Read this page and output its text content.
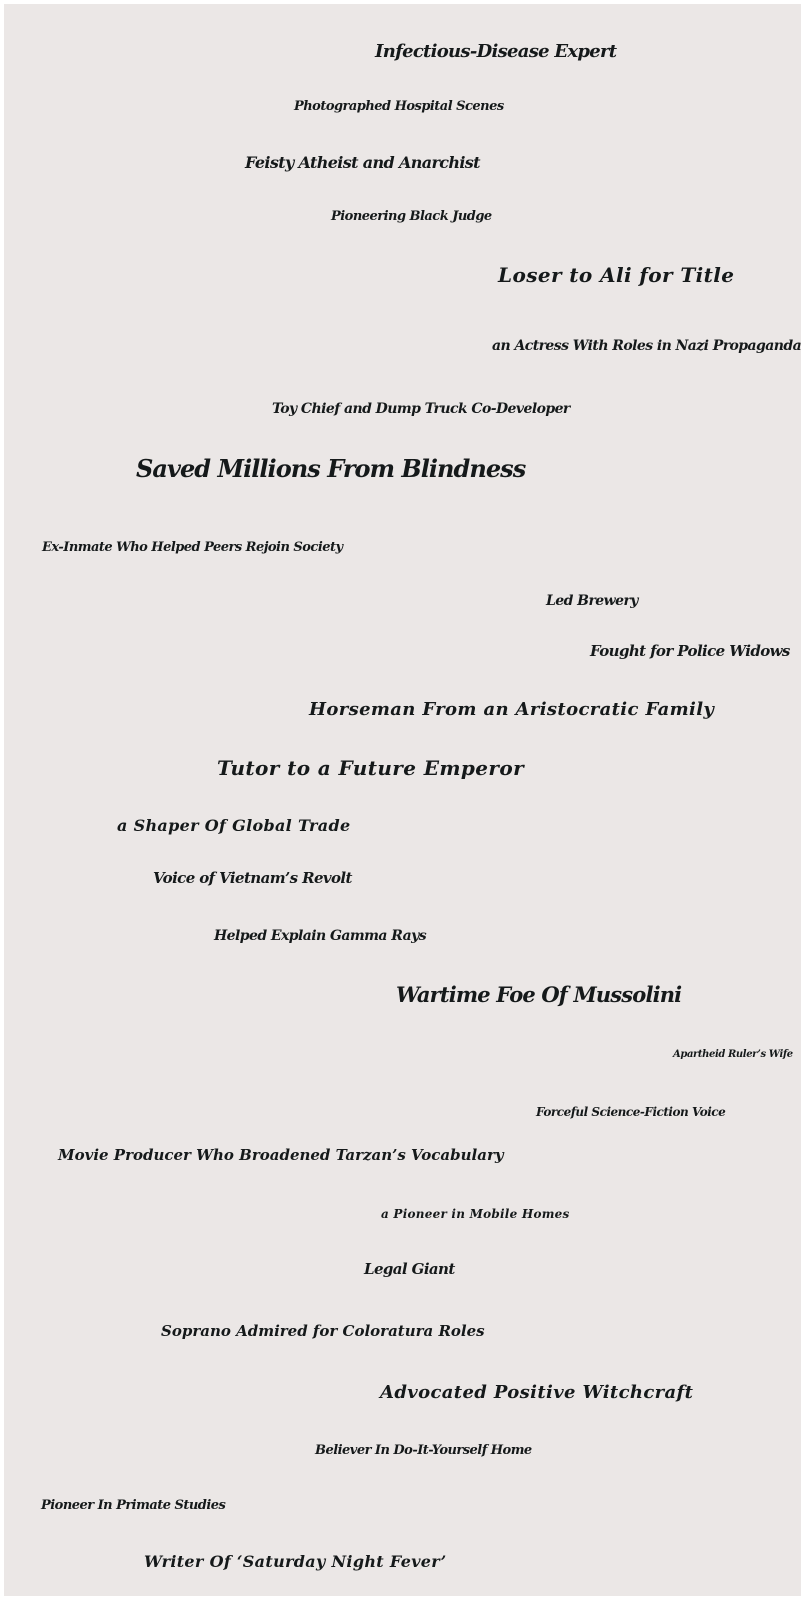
Infectious-Disease Expert

Photographed Hospital Scenes

Feisty Atheist and Anarchist

Pioneering Black Judge

Loser to Ali for Title

an Actress With Roles in Nazi Propaganda

Toy Chief and Dump Truck Co-Developer

Saved Millions From Blindness

Ex-Inmate Who Helped Peers Rejoin Society

Led Brewery

Fought for Police Widows

Horseman From an Aristocratic Family

Tutor to a Future Emperor

a Shaper Of Global Trade

Voice of Vietnam’s Revolt

Helped Explain Gamma Rays

Wartime Foe Of Mussolini

Apartheid Ruler’s Wife

Forceful Science-Fiction Voice

Movie Producer Who Broadened Tarzan’s Vocabulary

a Pioneer in Mobile Homes

Legal Giant

Soprano Admired for Coloratura Roles

Advocated Positive Witchcraft

Believer In Do-It-Yourself Home

Pioneer In Primate Studies

Writer Of ‘Saturday Night Fever’
